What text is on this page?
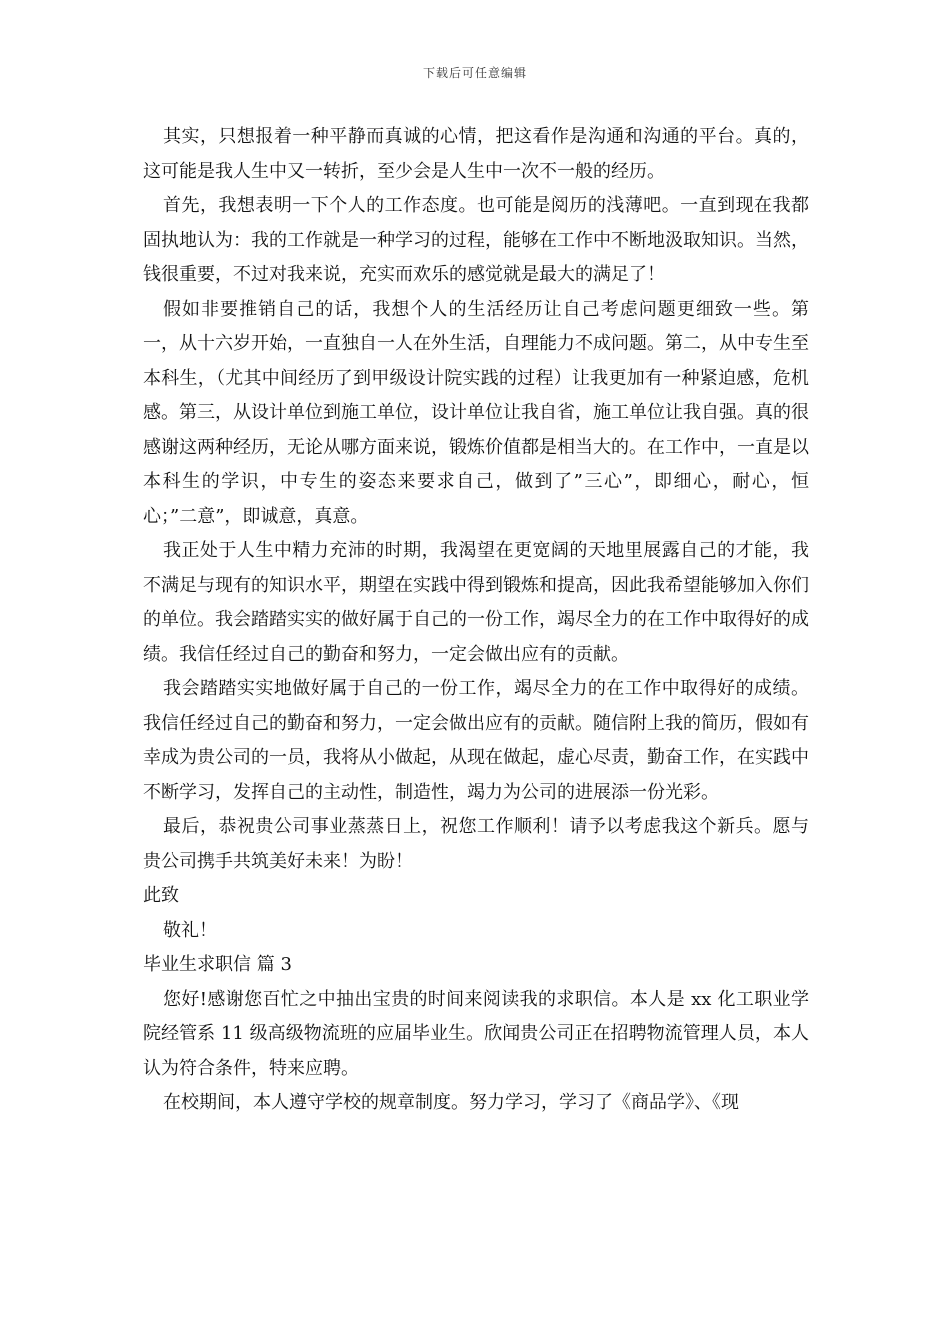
下载后可任意编辑

其实，只想报着一种平静而真诚的心情，把这看作是沟通和沟通的平台。真的，这可能是我人生中又一转折，至少会是人生中一次不一般的经历。

首先，我想表明一下个人的工作态度。也可能是阅历的浅薄吧。一直到现在我都固执地认为：我的工作就是一种学习的过程，能够在工作中不断地汲取知识。当然，钱很重要，不过对我来说，充实而欢乐的感觉就是最大的满足了！

假如非要推销自己的话，我想个人的生活经历让自己考虑问题更细致一些。第一，从十六岁开始，一直独自一人在外生活，自理能力不成问题。第二，从中专生至本科生，（尤其中间经历了到甲级设计院实践的过程）让我更加有一种紧迫感，危机感。第三，从设计单位到施工单位，设计单位让我自省，施工单位让我自强。真的很感谢这两种经历，无论从哪方面来说，锻炼价值都是相当大的。在工作中，一直是以本科生的学识，中专生的姿态来要求自己，做到了”三心”，即细心，耐心，恒心；”二意”，即诚意，真意。

我正处于人生中精力充沛的时期，我渴望在更宽阔的天地里展露自己的才能，我不满足与现有的知识水平，期望在实践中得到锻炼和提高，因此我希望能够加入你们的单位。我会踏踏实实的做好属于自己的一份工作，竭尽全力的在工作中取得好的成绩。我信任经过自己的勤奋和努力，一定会做出应有的贡献。

我会踏踏实实地做好属于自己的一份工作，竭尽全力的在工作中取得好的成绩。我信任经过自己的勤奋和努力，一定会做出应有的贡献。随信附上我的简历，假如有幸成为贵公司的一员，我将从小做起，从现在做起，虚心尽责，勤奋工作，在实践中不断学习，发挥自己的主动性，制造性，竭力为公司的进展添一份光彩。

最后，恭祝贵公司事业蒸蒸日上，祝您工作顺利！请予以考虑我这个新兵。愿与贵公司携手共筑美好未来！为盼！

此致

敬礼！

毕业生求职信 篇 3

您好!感谢您百忙之中抽出宝贵的时间来阅读我的求职信。本人是 xx 化工职业学院经管系 11 级高级物流班的应届毕业生。欣闻贵公司正在招聘物流管理人员，本人认为符合条件，特来应聘。

在校期间，本人遵守学校的规章制度。努力学习，学习了《商品学》、《现
